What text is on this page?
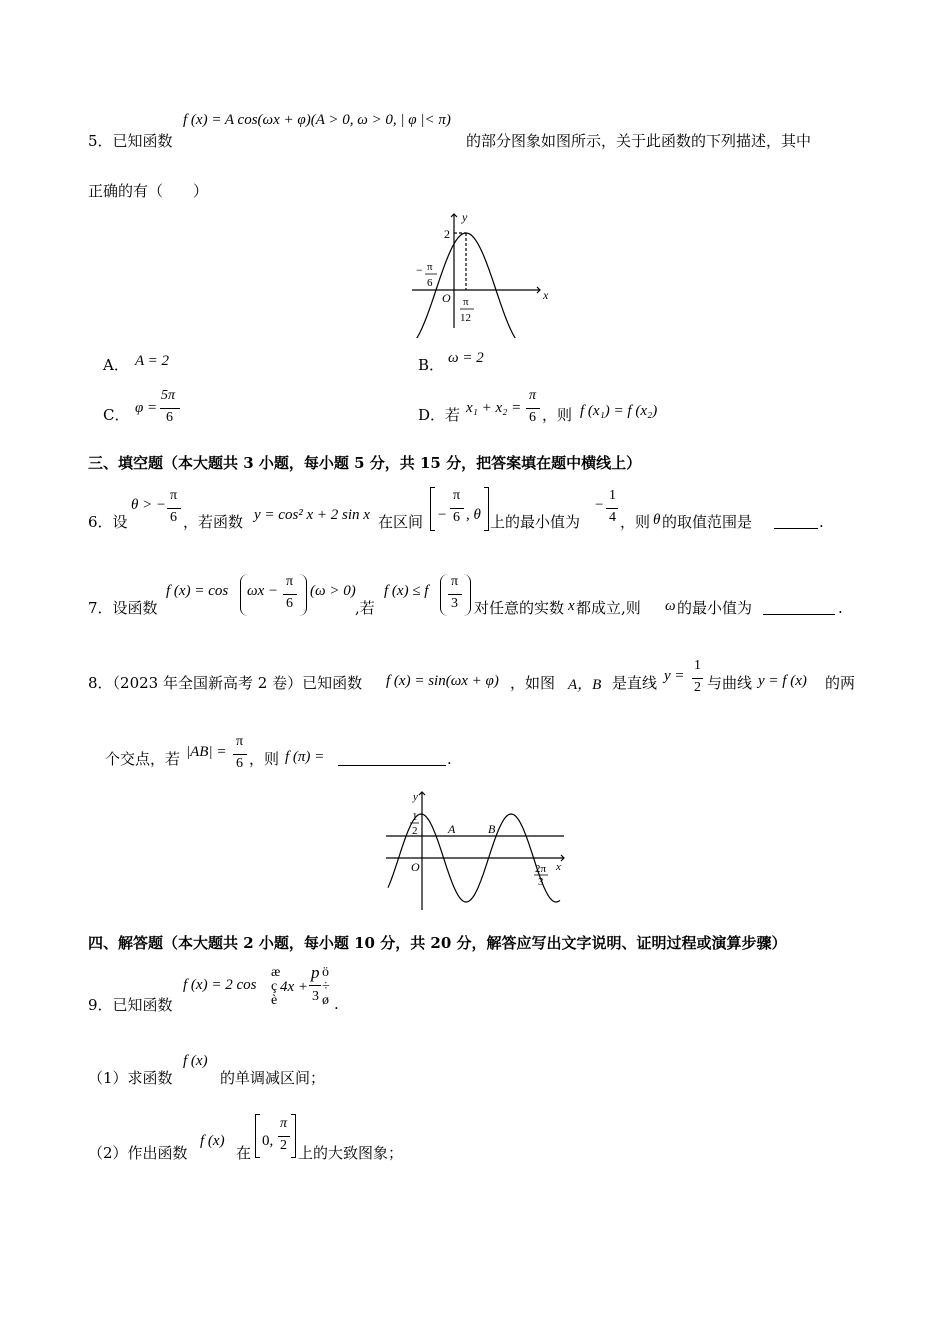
5．已知函数
f (x) = A cos(ωx + φ)(A > 0, ω > 0, | φ |< π)
的部分图象如图所示，关于此函数的下列描述，其中
正确的有（　　）
y
x
O
2
− π
6
π
12
A． A = 2	B． ω = 2
C． φ =
5π
6	D．若 x₁ + x₂ =
π
6 ，则 f (x₁) = f (x₂)
三、填空题（本大题共 3 小题，每小题 5 分，共 15 分，把答案填在题中横线上）
6．设
θ > −
π
6 ，若函数 y = cos² x + 2 sin x 在区间 −
π
6 , θ 上的最小值为
−
1
4 ，则 θ 的取值范围是	.
7．设函数
f (x) = cos ωx −
π
6
(ω > 0)
,若
f (x) ≤ f
π
3 对任意的实数 x 都成立,则 ω 的最小值为	.
8．（2023 年全国新高考 2 卷）已知函数 f (x) = sin(ωx + φ) ，如图 A，B 是直线 y =
1
2 与曲线 y = f (x) 的两
个交点，若 |AB| =
π
6 ，则 f (π) =	.
y
x
O
1
2	A	B
2π
3
四、解答题（本大题共 2 小题，每小题 10 分，共 20 分，解答应写出文字说明、证明过程或演算步骤）
9．已知函数
f (x) = 2 cos
æ
ç
è
4x +
p
3
ö
÷
ø .
（1）求函数
f (x)
的单调减区间；
（2）作出函数
f (x)
在
0,
π
2 上的大致图象；
